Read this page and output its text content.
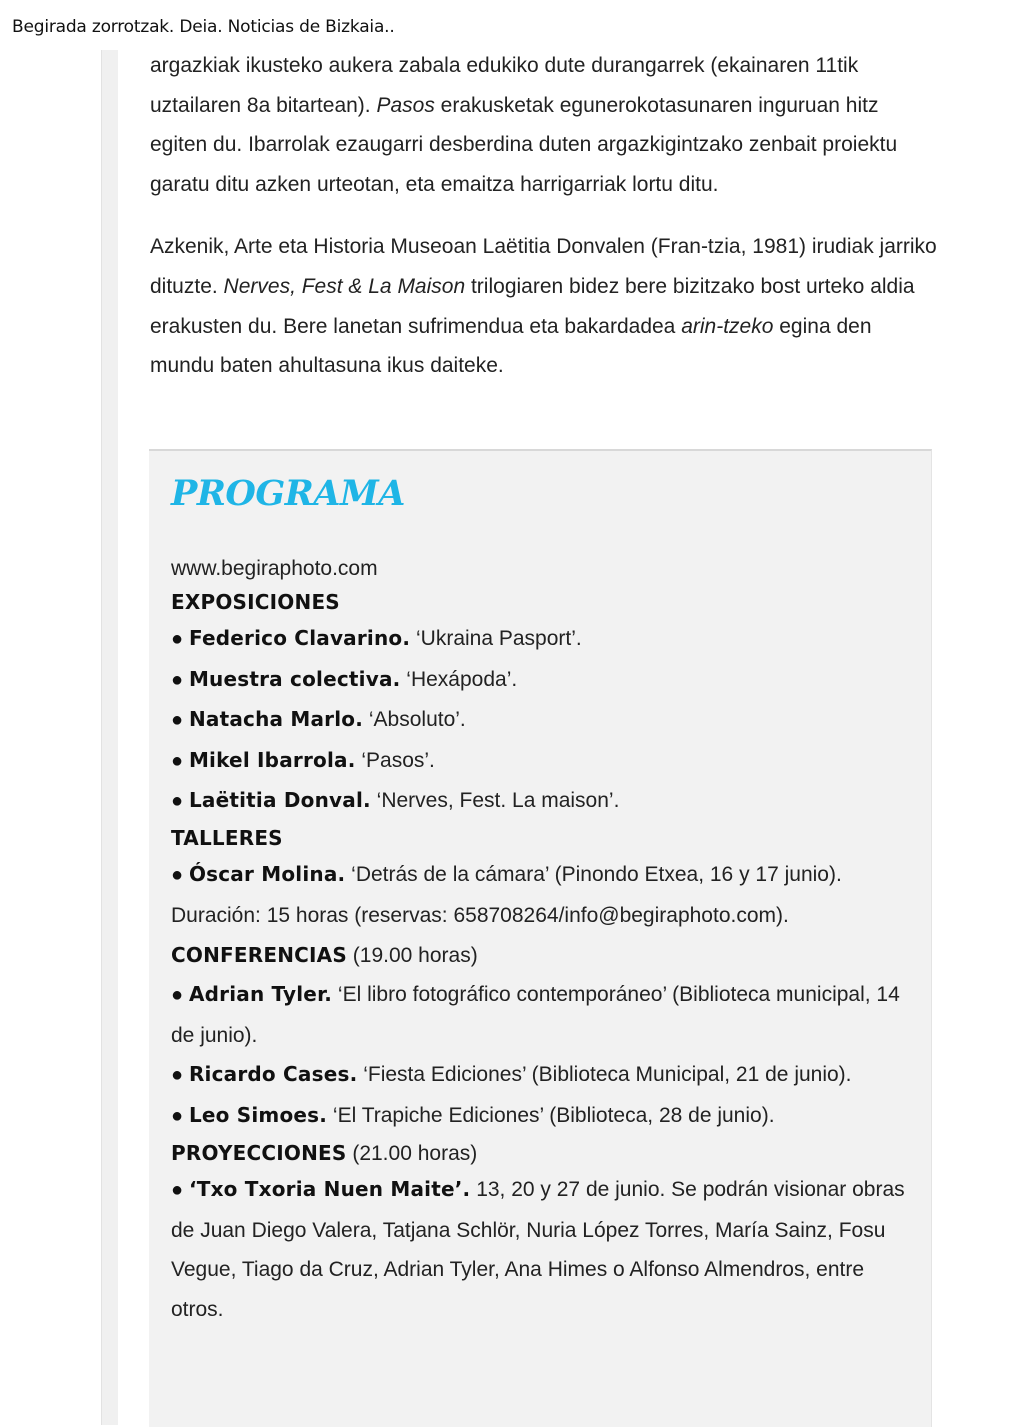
Begirada zorrotzak. Deia. Noticias de Bizkaia..

argazkiak ikusteko aukera zabala edukiko dute durangarrek (ekainaren 11tik uztailaren 8a bitartean). Pasos erakusketak egunerokotasunaren inguruan hitz egiten du. Ibarrolak ezaugarri desberdina duten argazkigintzako zenbait proiektu garatu ditu azken urteotan, eta emaitza harrigarriak lortu ditu.

Azkenik, Arte eta Historia Museoan Laëtitia Donvalen (Fran-tzia, 1981) irudiak jarriko dituzte. Nerves, Fest & La Maison trilogiaren bidez bere bizitzako bost urteko aldia erakusten du. Bere lanetan sufrimendua eta bakardadea arin-tzeko egina den mundu baten ahultasuna ikus daiteke.

PROGRAMA
www.begiraphoto.com
EXPOSICIONES
● Federico Clavarino. ‘Ukraina Pasport’.
● Muestra colectiva. ‘Hexápoda’.
● Natacha Marlo. ‘Absoluto’.
● Mikel Ibarrola. ‘Pasos’.
● Laëtitia Donval. ‘Nerves, Fest. La maison’.
TALLERES
● Óscar Molina. ‘Detrás de la cámara’ (Pinondo Etxea, 16 y 17 junio). Duración: 15 horas (reservas: 658708264/info@begiraphoto.com).
CONFERENCIAS (19.00 horas)
● Adrian Tyler. ‘El libro fotográfico contemporáneo’ (Biblioteca municipal, 14 de junio).
● Ricardo Cases. ‘Fiesta Ediciones’ (Biblioteca Municipal, 21 de junio).
● Leo Simoes. ‘El Trapiche Ediciones’ (Biblioteca, 28 de junio).
PROYECCIONES (21.00 horas)
● ‘Txo Txoria Nuen Maite’. 13, 20 y 27 de junio. Se podrán visionar obras de Juan Diego Valera, Tatjana Schlör, Nuria López Torres, María Sainz, Fosu Vegue, Tiago da Cruz, Adrian Tyler, Ana Himes o Alfonso Almendros, entre otros.
